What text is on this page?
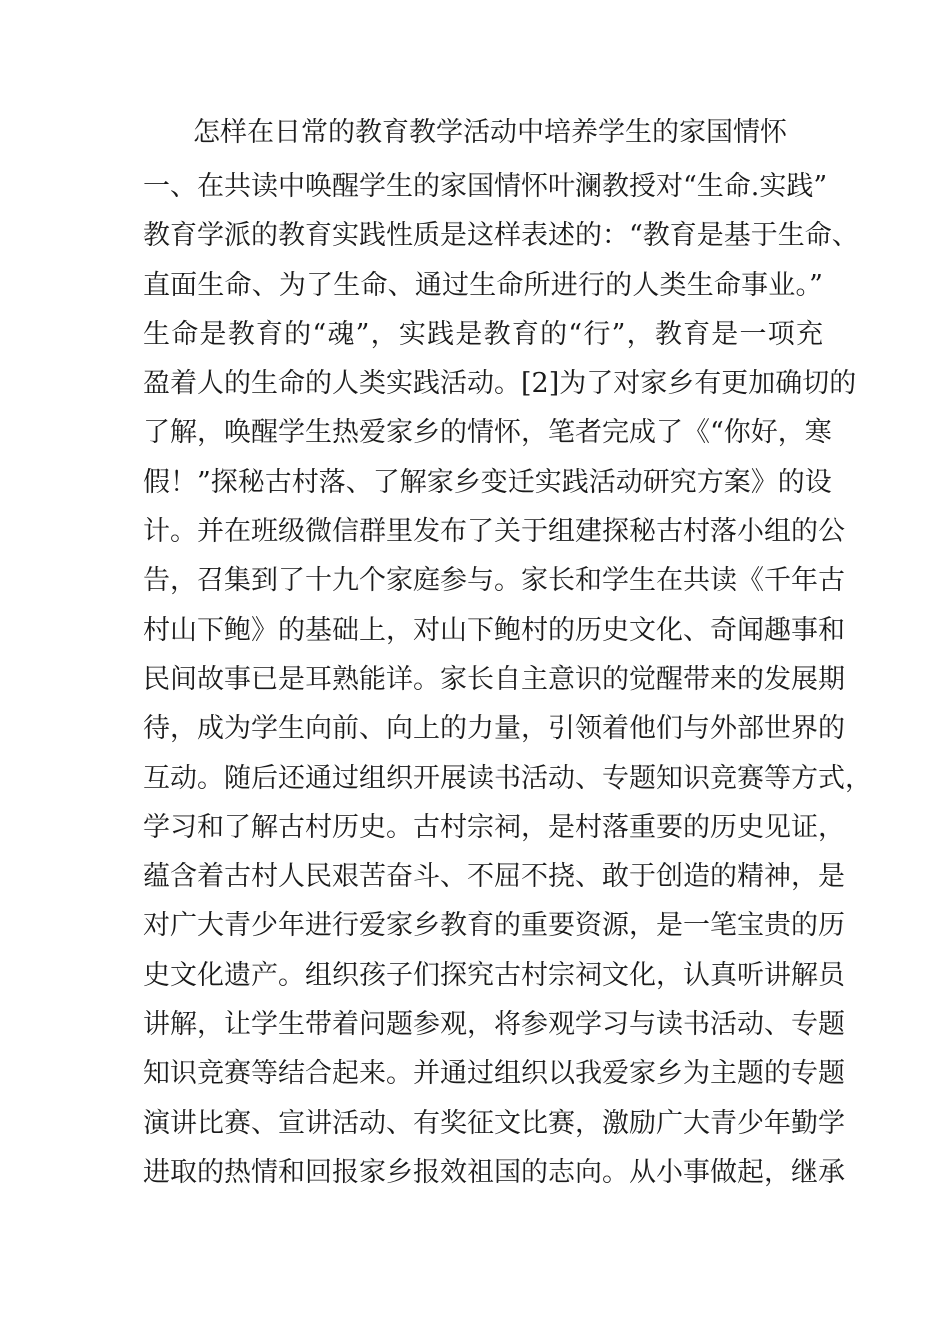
怎样在日常的教育教学活动中培养学生的家国情怀
一、在共读中唤醒学生的家国情怀叶澜教授对“生命.实践”
教育学派的教育实践性质是这样表述的：“教育是基于生命、
直面生命、为了生命、通过生命所进行的人类生命事业。”
生命是教育的“魂”，实践是教育的“行”，教育是一项充
盈着人的生命的人类实践活动。[2]为了对家乡有更加确切的
了解，唤醒学生热爱家乡的情怀，笔者完成了《“你好，寒
假！”探秘古村落、了解家乡变迁实践活动研究方案》的设
计。并在班级微信群里发布了关于组建探秘古村落小组的公
告，召集到了十九个家庭参与。家长和学生在共读《千年古
村山下鲍》的基础上，对山下鲍村的历史文化、奇闻趣事和
民间故事已是耳熟能详。家长自主意识的觉醒带来的发展期
待，成为学生向前、向上的力量，引领着他们与外部世界的
互动。随后还通过组织开展读书活动、专题知识竞赛等方式，
学习和了解古村历史。古村宗祠，是村落重要的历史见证，
蕴含着古村人民艰苦奋斗、不屈不挠、敢于创造的精神，是
对广大青少年进行爱家乡教育的重要资源，是一笔宝贵的历
史文化遗产。组织孩子们探究古村宗祠文化，认真听讲解员
讲解，让学生带着问题参观，将参观学习与读书活动、专题
知识竞赛等结合起来。并通过组织以我爱家乡为主题的专题
演讲比赛、宣讲活动、有奖征文比赛，激励广大青少年勤学
进取的热情和回报家乡报效祖国的志向。从小事做起，继承
